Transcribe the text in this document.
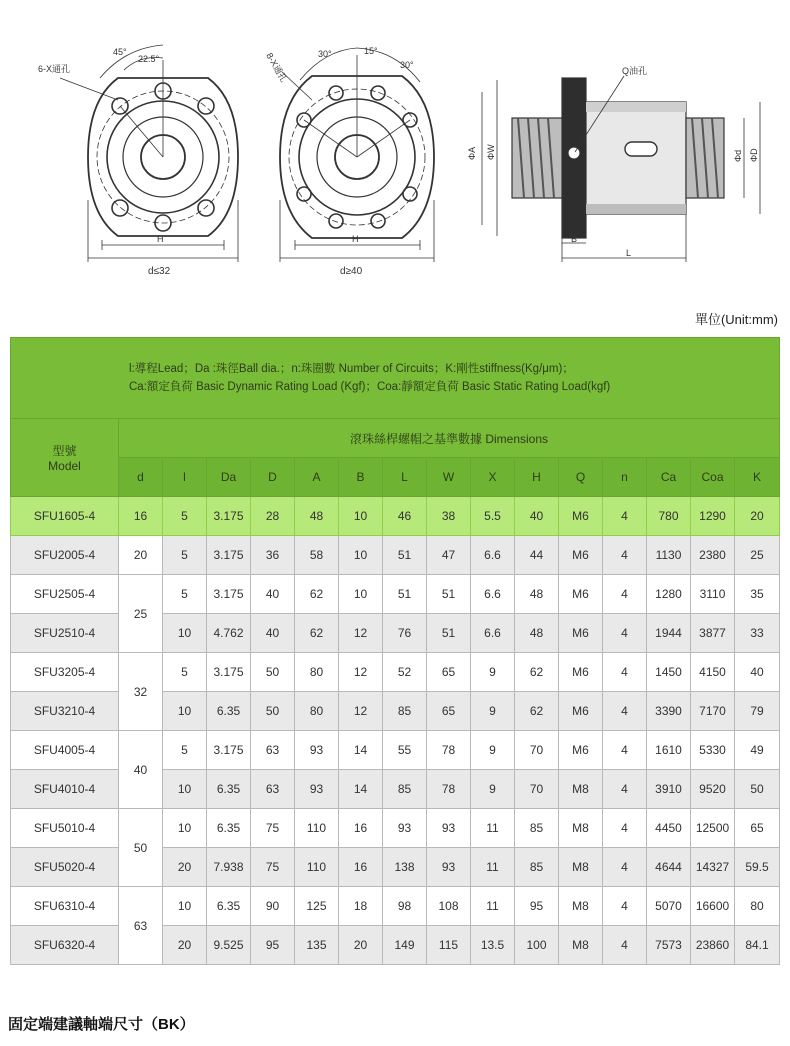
45°
22.5°
6-X通孔
H
d≤32
30°	15°
30°
8-X通孔
H
d≥40
Q油孔
ΦA ΦW	Φd ΦD
B
L
單位(Unit:mm)
l:導程Lead；Da :珠徑Ball dia.；n:珠圈數 Number of Circuits；K:剛性stiffness(Kg/μm)；
Ca:額定負荷 Basic Dynamic Rating Load (Kgf)；Coa:靜額定負荷 Basic Static Rating Load(kgf)															

型號
Model	滾珠絲桿螺帽之基準數據 Dimensions														
	d	l	Da	D	A	B	L	W	X	H	Q	n	Ca	Coa	K
SFU1605-4	16	5	3.175	28	48	10	46	38	5.5	40	M6	4	780	1290	20
SFU2005-4	20	5	3.175	36	58	10	51	47	6.6	44	M6	4	1130	2380	25
SFU2505-4	25	5	3.175	40	62	10	51	51	6.6	48	M6	4	1280	3110	35
SFU2510-4		10	4.762	40	62	12	76	51	6.6	48	M6	4	1944	3877	33
SFU3205-4	32	5	3.175	50	80	12	52	65	9	62	M6	4	1450	4150	40
SFU3210-4		10	6.35	50	80	12	85	65	9	62	M6	4	3390	7170	79
SFU4005-4	40	5	3.175	63	93	14	55	78	9	70	M6	4	1610	5330	49
SFU4010-4		10	6.35	63	93	14	85	78	9	70	M8	4	3910	9520	50
SFU5010-4	50	10	6.35	75	110	16	93	93	11	85	M8	4	4450	12500	65
SFU5020-4		20	7.938	75	110	16	138	93	11	85	M8	4	4644	14327	59.5
SFU6310-4	63	10	6.35	90	125	18	98	108	11	95	M8	4	5070	16600	80
SFU6320-4		20	9.525	95	135	20	149	115	13.5	100	M8	4	7573	23860	84.1
固定端建議軸端尺寸（BK）
